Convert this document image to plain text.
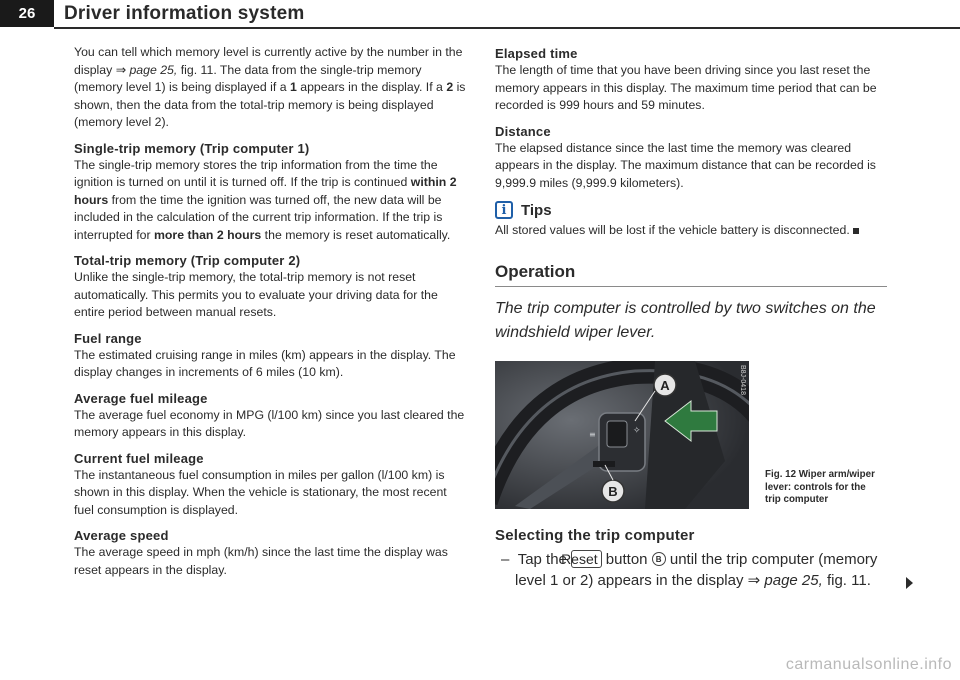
26	Driver information system

You can tell which memory level is currently active by the number in the display ⇒ page 25, fig. 11. The data from the single-trip memory (memory level 1) is being displayed if a 1 appears in the display. If a 2 is shown, then the data from the total-trip memory is being displayed (memory level 2).

Single-trip memory (Trip computer 1)

The single-trip memory stores the trip information from the time the ignition is turned on until it is turned off. If the trip is continued within 2 hours from the time the ignition was turned off, the new data will be included in the calculation of the current trip information. If the trip is interrupted for more than 2 hours the memory is reset automatically.

Total-trip memory (Trip computer 2)

Unlike the single-trip memory, the total-trip memory is not reset automatically. This permits you to evaluate your driving data for the entire period between manual resets.

Fuel range

The estimated cruising range in miles (km) appears in the display. The display changes in increments of 6 miles (10 km).

Average fuel mileage

The average fuel economy in MPG (l/100 km) since you last cleared the memory appears in this display.

Current fuel mileage

The instantaneous fuel consumption in miles per gallon (l/100 km) is shown in this display. When the vehicle is stationary, the most recent fuel consumption is displayed.

Average speed

The average speed in mph (km/h) since the last time the display was reset appears in the display.

Elapsed time

The length of time that you have been driving since you last reset the memory appears in this display. The maximum time period that can be recorded is 999 hours and 59 minutes.

Distance

The elapsed distance since the last time the memory was cleared appears in the display. The maximum distance that can be recorded is 9,999.9 miles (9,999.9 kilometers).

i Tips

All stored values will be lost if the vehicle battery is disconnected.

Operation
The trip computer is controlled by two switches on the windshield wiper lever.
✧
≡
A
B
B8J-0418
Fig. 12 Wiper arm/wiper lever: controls for the trip computer
Selecting the trip computer
–  Tap the Reset button B until the trip computer (memory level 1 or 2) appears in the display ⇒ page 25, fig. 11.
carmanualsonline.info
